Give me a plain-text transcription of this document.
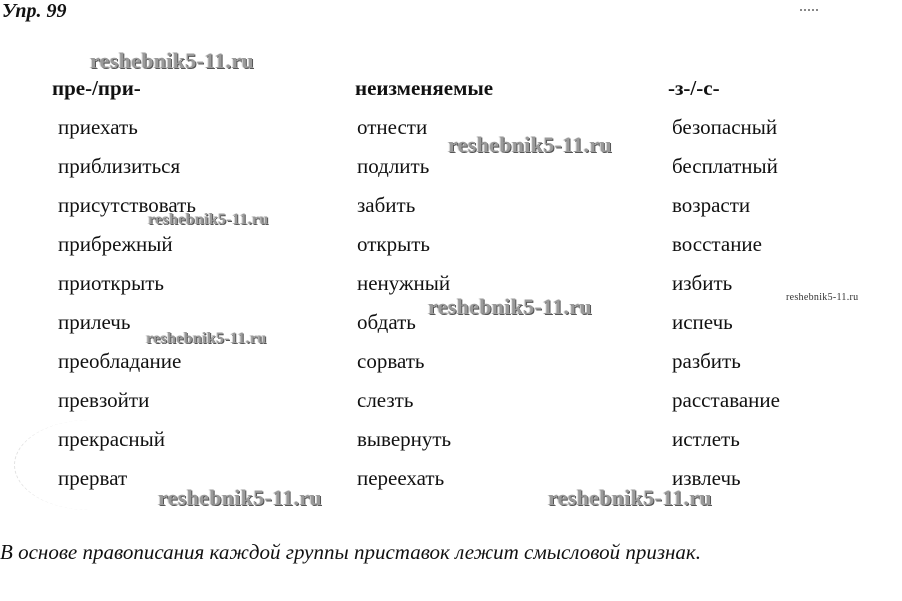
Упр. 99
пре-/при-
приехать
приблизиться
присутствовать
прибрежный
приоткрыть
прилечь
преобладание
превзойти
прекрасный
прерват
неизменяемые
отнести
подлить
забить
открыть
ненужный
обдать
сорвать
слезть
вывернуть
переехать
-з-/-с-
безопасный
бесплатный
возрасти
восстание
избить
испечь
разбить
расставание
истлеть
извлечь
В основе правописания каждой группы приставок лежит смысловой признак.
reshebnik5-11.ru
reshebnik5-11.ru
reshebnik5-11.ru
reshebnik5-11.ru	reshebnik5-11.ru
reshebnik5-11.ru
reshebnik5-11.ru	reshebnik5-11.ru
